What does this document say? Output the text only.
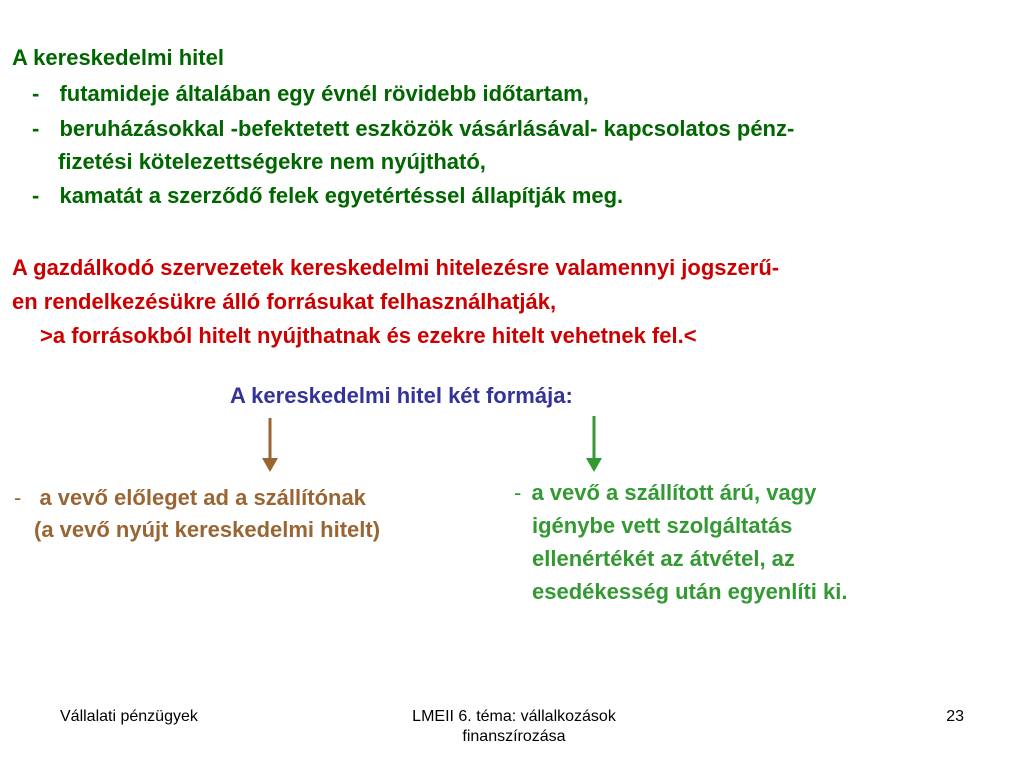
A kereskedelmi hitel
- futamideje általában egy évnél rövidebb időtartam,
- beruházásokkal -befektetett eszközök vásárlásával- kapcsolatos pénz-
fizetési kötelezettségekre nem nyújtható,
- kamatát a szerződő felek egyetértéssel állapítják meg.
A gazdálkodó szervezetek kereskedelmi hitelezésre valamennyi jogszerű-
en rendelkezésükre álló forrásukat felhasználhatják,
>a forrásokból hitelt nyújthatnak és ezekre hitelt vehetnek fel.<
A kereskedelmi hitel két formája:
- a vevő előleget ad a szállítónak
(a vevő nyújt kereskedelmi hitelt)
- a vevő a szállított árú, vagy
igénybe vett szolgáltatás
ellenértékét az átvétel, az
esedékesség után egyenlíti ki.
Vállalati pénzügyek	LMEII 6. téma: vállalkozások
finanszírozása
23
